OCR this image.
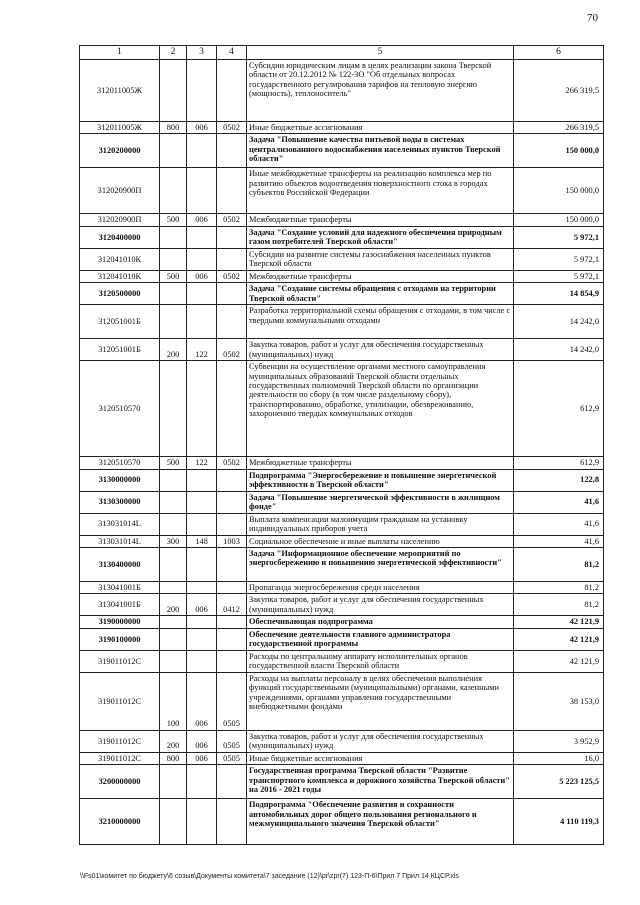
70
1	2	3	4	5	6
312011005Ж				Субсидии юридическим лицам в целях реализации закона Тверской области от 20.12.2012 № 122-ЗО "Об отдельных вопросах государственного регулирования тарифов на тепловую энергию (мощность), теплоноситель"	266 319,5
312011005Ж	800	006	0502	Иные бюджетные ассигнования	266 319,5
3120200000				Задача "Повышение качества питьевой воды в системах централизованного водоснабжения населенных пунктов Тверской области"	150 000,0
312020900П				Иные межбюджетные трансферты на реализацию комплекса мер по развитию объектов водоотведения поверхностного стока в городах субъектов Российской Федерации	150 000,0
312020900П	500	006	0502	Межбюджетные трансферты	150 000,0
3120400000				Задача "Создание условий для надежного обеспечения природным газом потребителей Тверской области"	5 972,1
312041010К				Субсидии на развитие системы газоснабжения населенных пунктов Тверской области	5 972,1
312041010К	500	006	0502	Межбюджетные трансферты	5 972,1
3120500000				Задача "Создание системы обращения с отходами на территории Тверской области"	14 854,9
312051001Б				Разработка территориальной схемы обращения с отходами, в том числе с твердыми коммунальными отходами	14 242,0
312051001Б	200	122	0502	Закупка товаров, работ и услуг для обеспечения государственных (муниципальных) нужд	14 242,0
3120510570				Субвенции на осуществление органами местного самоуправления муниципальных образований Тверской области отдельных государственных полномочий Тверской области по организации деятельности по сбору (в том числе раздельному сбору), транспортированию, обработке, утилизации, обезвреживанию, захоронению твердых коммунальных отходов	612,9
3120510570	500	122	0502	Межбюджетные трансферты	612,9
3130000000				Подпрограмма "Энергосбережение и повышение энергетической эффективности в Тверской области"	122,8
3130300000				Задача "Повышение энергетической эффективности в жилищном фонде"	41,6
313031014L				Выплата компенсации малоимущим гражданам на установку индивидуальных приборов учета	41,6
313031014L	300	148	1003	Социальное обеспечение и иные выплаты населению	41,6
3130400000				Задача "Информационное обеспечение мероприятий по энергосбережению и повышению энергетической эффективности"	81,2
313041001Б				Пропаганда энергосбережения среди населения	81,2
313041001Б	200	006	0412	Закупка товаров, работ и услуг для обеспечения государственных (муниципальных) нужд	81,2
3190000000				Обеспечивающая подпрограмма	42 121,9
3190100000				Обеспечение деятельности главного администратора государственной программы	42 121,9
319011012С				Расходы по центральному аппарату исполнительных органов государственной власти Тверской области	42 121,9
319011012С	100	006	0505	Расходы на выплаты персоналу в целях обеспечения выполнения функций государственными (муниципальными) органами, казенными учреждениями, органами управления государственными внебюджетными фондами	38 153,0
319011012С	200	006	0505	Закупка товаров, работ и услуг для обеспечения государственных (муниципальных) нужд	3 952,9
319011012С	800	006	0505	Иные бюджетные ассигнования	16,0
3200000000				Государственная программа Тверской области "Развитие транспортного комплекса и дорожного хозяйства Тверской области" на 2016 - 2021 годы	5 223 125,5
3210000000				Подпрограмма "Обеспечение развития и сохранности автомобильных дорог общего пользования регионального и межмуниципального значения Тверской области"	4 110 119,3
\\Fs01\комитет по бюджету\6 созыв\Документы комитета\7 заседание (12)\pr\zpr(7) 123-П-6\Прил 7 Прил 14 КЦСР.xls
